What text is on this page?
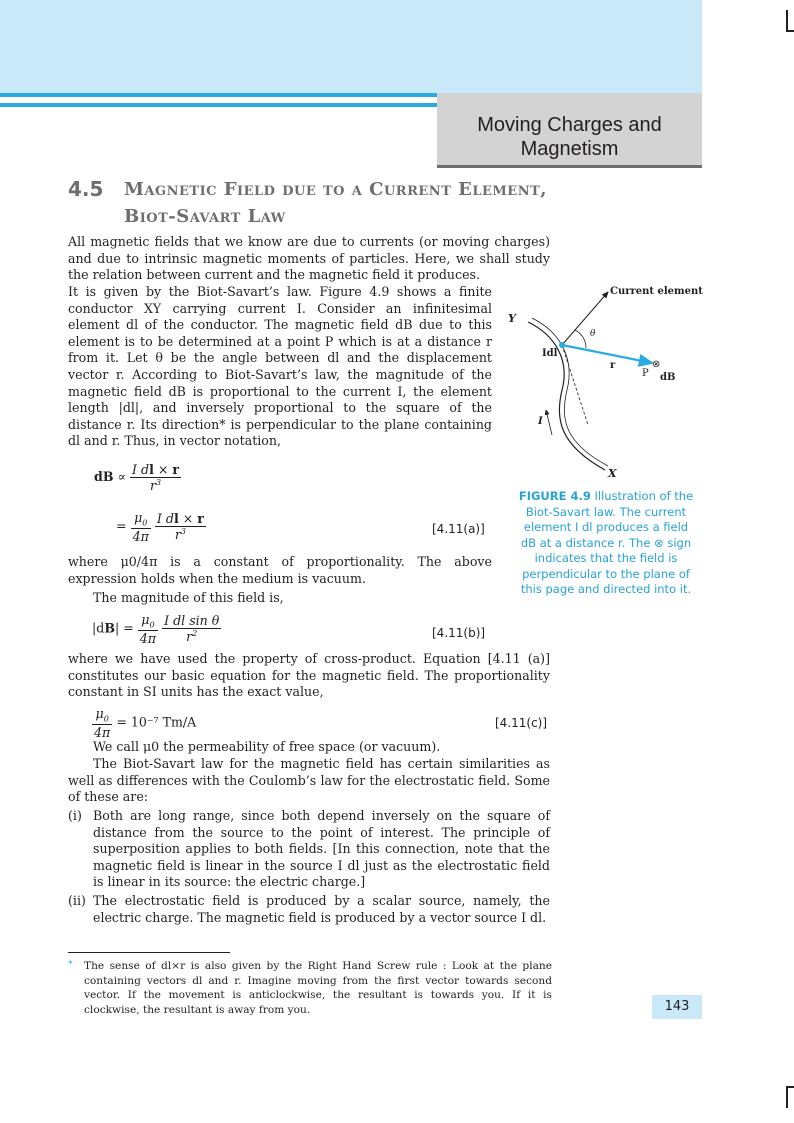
Moving Charges and
Magnetism
4.5 Magnetic Field due to a Current Element,
Biot-Savart Law

All magnetic fields that we know are due to currents (or moving charges) and due to intrinsic magnetic moments of particles. Here, we shall study the relation between current and the magnetic field it produces.

It is given by the Biot-Savart’s law. Figure 4.9 shows a finite conductor XY carrying current I. Consider an infinitesimal element dl of the conductor. The magnetic field dB due to this element is to be determined at a point P which is at a distance r from it. Let θ be the angle between dl and the displacement vector r. According to Biot-Savart’s law, the magnitude of the magnetic field dB is proportional to the current I, the element length |dl|, and inversely proportional to the square of the distance r. Its direction* is perpendicular to the plane containing dl and r. Thus, in vector notation,

dB ∝ $\frac{\text{I dl × r}}{r^3}$
= $\frac{\mu_0}{4\pi}$
$\frac{\text{I dl × r}}{r^3}$	[4.11(a)]

where μ0/4π is a constant of proportionality. The above expression holds when the medium is vacuum.

The magnitude of this field is,

$|dB| = \frac{\mu_0}{4\pi}$
$\frac{\text{I dl sin θ}}{r^2}$	[4.11(b)]

where we have used the property of cross-product. Equation [4.11 (a)] constitutes our basic equation for the magnetic field. The proportionality constant in SI units has the exact value,

$\frac{\mu_0}{4\pi} = 10^{-7}$ Tm/A	[4.11(c)]

We call μ0 the permeability of free space (or vacuum).

The Biot-Savart law for the magnetic field has certain similarities as well as differences with the Coulomb’s law for the electrostatic field. Some of these are:

(i) Both are long range, since both depend inversely on the square of distance from the source to the point of interest. The principle of superposition applies to both fields. [In this connection, note that the magnetic field is linear in the source I dl just as the electrostatic field is linear in its source: the electric charge.]
(ii) The electrostatic field is produced by a scalar source, namely, the electric charge. The magnetic field is produced by a vector source I dl.
Current element
Y
X
Idl
θ
r
P
⊗
dB
I
FIGURE 4.9 Illustration of the Biot-Savart law. The current element I dl produces a field dB at a distance r. The ⊗ sign indicates that the field is perpendicular to the plane of this page and directed into it.
* The sense of dl×r is also given by the Right Hand Screw rule : Look at the plane containing vectors dl and r. Imagine moving from the first vector towards second vector. If the movement is anticlockwise, the resultant is towards you. If it is clockwise, the resultant is away from you.	143
